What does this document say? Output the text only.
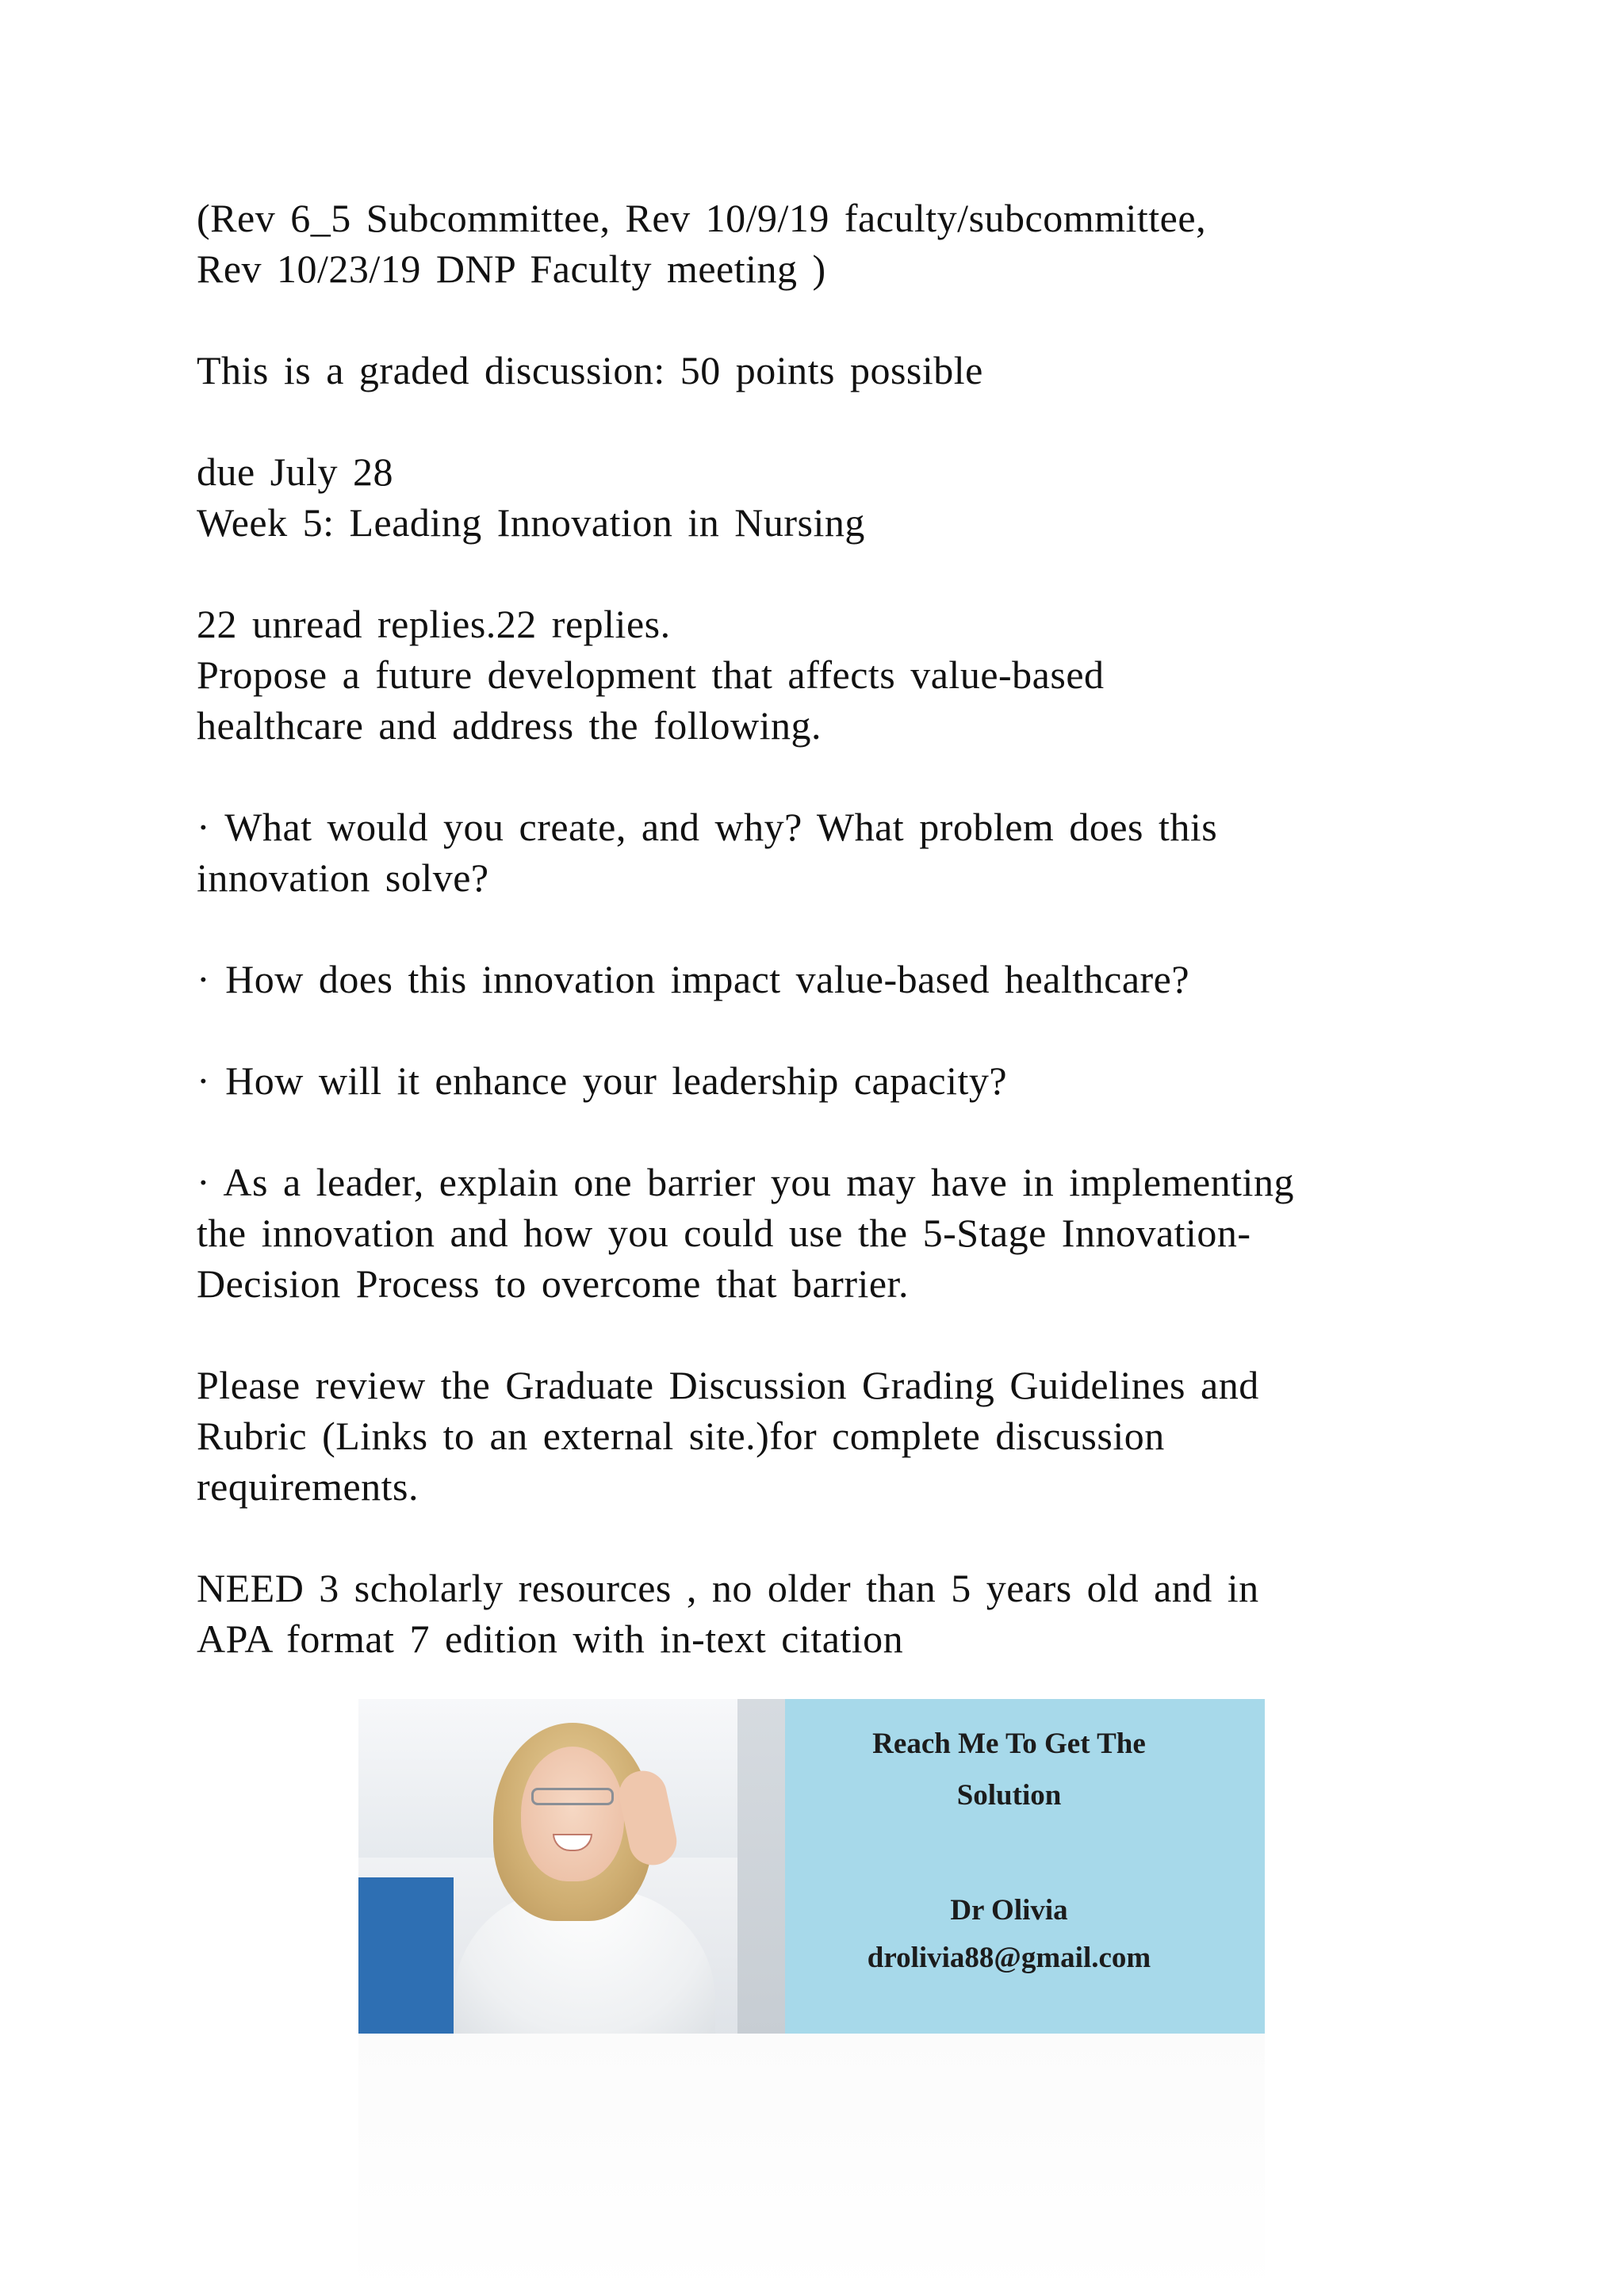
(Rev 6_5 Subcommittee, Rev 10/9/19 faculty/subcommittee,
Rev 10/23/19 DNP Faculty meeting )
This is a graded discussion: 50 points possible
due July 28
Week 5: Leading Innovation in Nursing
22 unread replies.22 replies.
Propose a future development that affects value-based
healthcare and address the following.
· What would you create, and why? What problem does this
innovation solve?
· How does this innovation impact value-based healthcare?
· How will it enhance your leadership capacity?
· As a leader, explain one barrier you may have in implementing
the innovation and how you could use the 5-Stage Innovation-
Decision Process to overcome that barrier.
Please review the Graduate Discussion Grading Guidelines and
Rubric (Links to an external site.)for complete discussion
requirements.
NEED 3 scholarly resources , no older than 5 years old and in
APA format 7 edition with in-text citation
Reach Me To Get The
Solution
Dr Olivia
drolivia88@gmail.com
